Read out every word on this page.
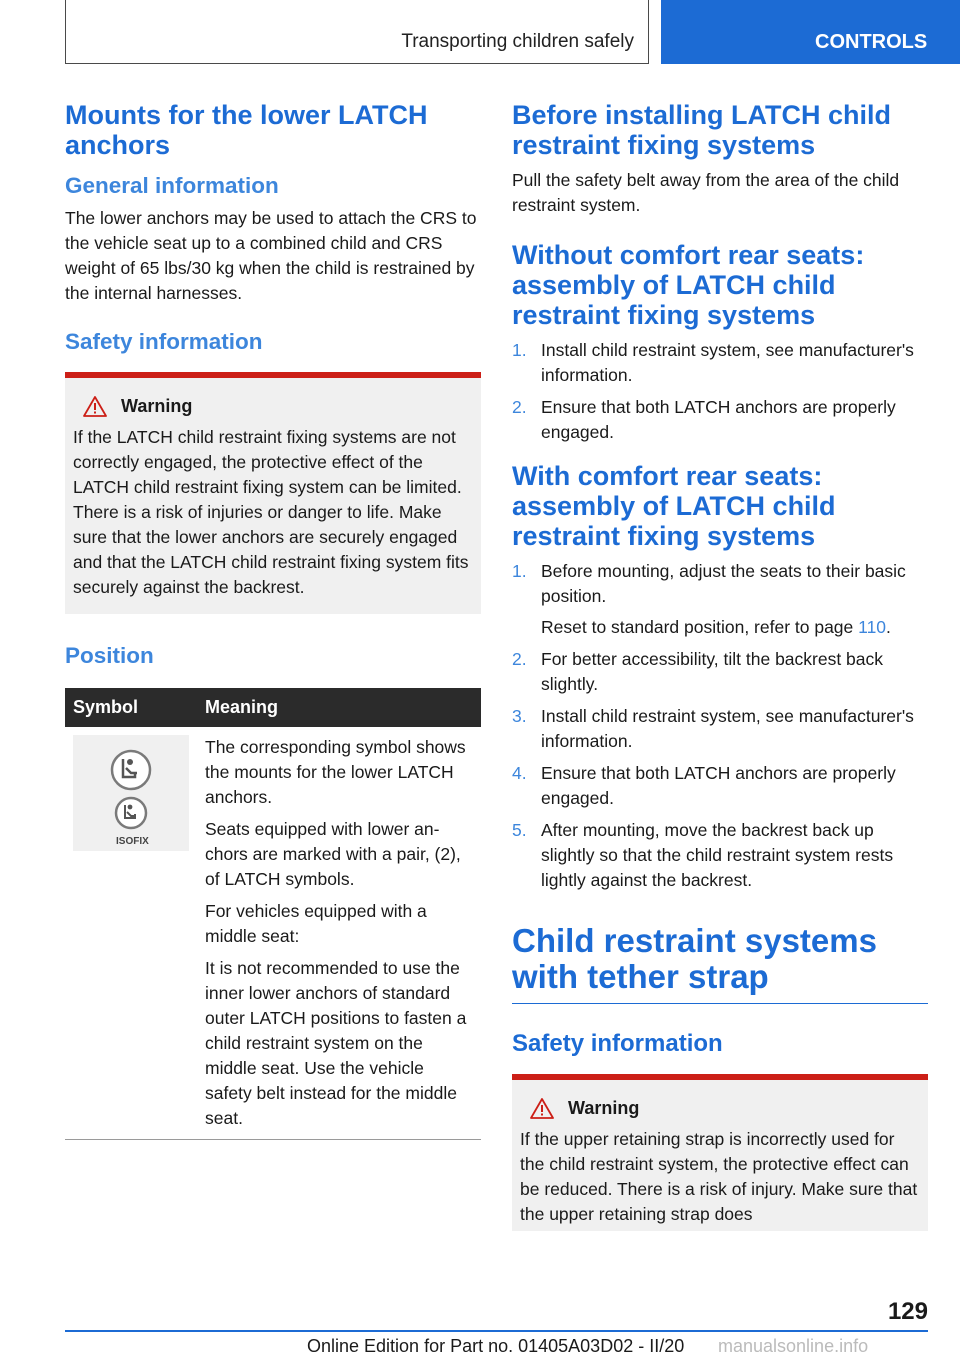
Transporting children safely	CONTROLS
Mounts for the lower LATCH anchors
General information

The lower anchors may be used to attach the CRS to the vehicle seat up to a combined child and CRS weight of 65 lbs/30 kg when the child is restrained by the internal harnesses.

Safety information
Warning

If the LATCH child restraint fixing systems are not correctly engaged, the protective effect of the LATCH child restraint fixing system can be limited. There is a risk of injuries or danger to life. Make sure that the lower anchors are securely engaged and that the LATCH child restraint fixing system fits securely against the backrest.

Position
Symbol	Meaning

ISOFIX	The corresponding symbol shows the mounts for the lower LATCH anchors.

Seats equipped with lower anchors are marked with a pair, (2), of LATCH symbols.

For vehicles equipped with a middle seat:

It is not recommended to use the inner lower anchors of standard outer LATCH positions to fasten a child restraint system on the middle seat. Use the vehicle safety belt instead for the middle seat.

Before installing LATCH child restraint fixing systems

Pull the safety belt away from the area of the child restraint system.

Without comfort rear seats: assembly of LATCH child restraint fixing systems
1. Install child restraint system, see manufacturer's information.
2. Ensure that both LATCH anchors are properly engaged.
With comfort rear seats: assembly of LATCH child restraint fixing systems
1. Before mounting, adjust the seats to their basic position.
Reset to standard position, refer to page 110.
2. For better accessibility, tilt the backrest back slightly.
3. Install child restraint system, see manufacturer's information.
4. Ensure that both LATCH anchors are properly engaged.
5. After mounting, move the backrest back up slightly so that the child restraint system rests lightly against the backrest.
Child restraint systems with tether strap
Safety information
Warning

If the upper retaining strap is incorrectly used for the child restraint system, the protective effect can be reduced. There is a risk of injury. Make sure that the upper retaining strap does

129
Online Edition for Part no. 01405A03D02 - II/20 manualsonline.info
